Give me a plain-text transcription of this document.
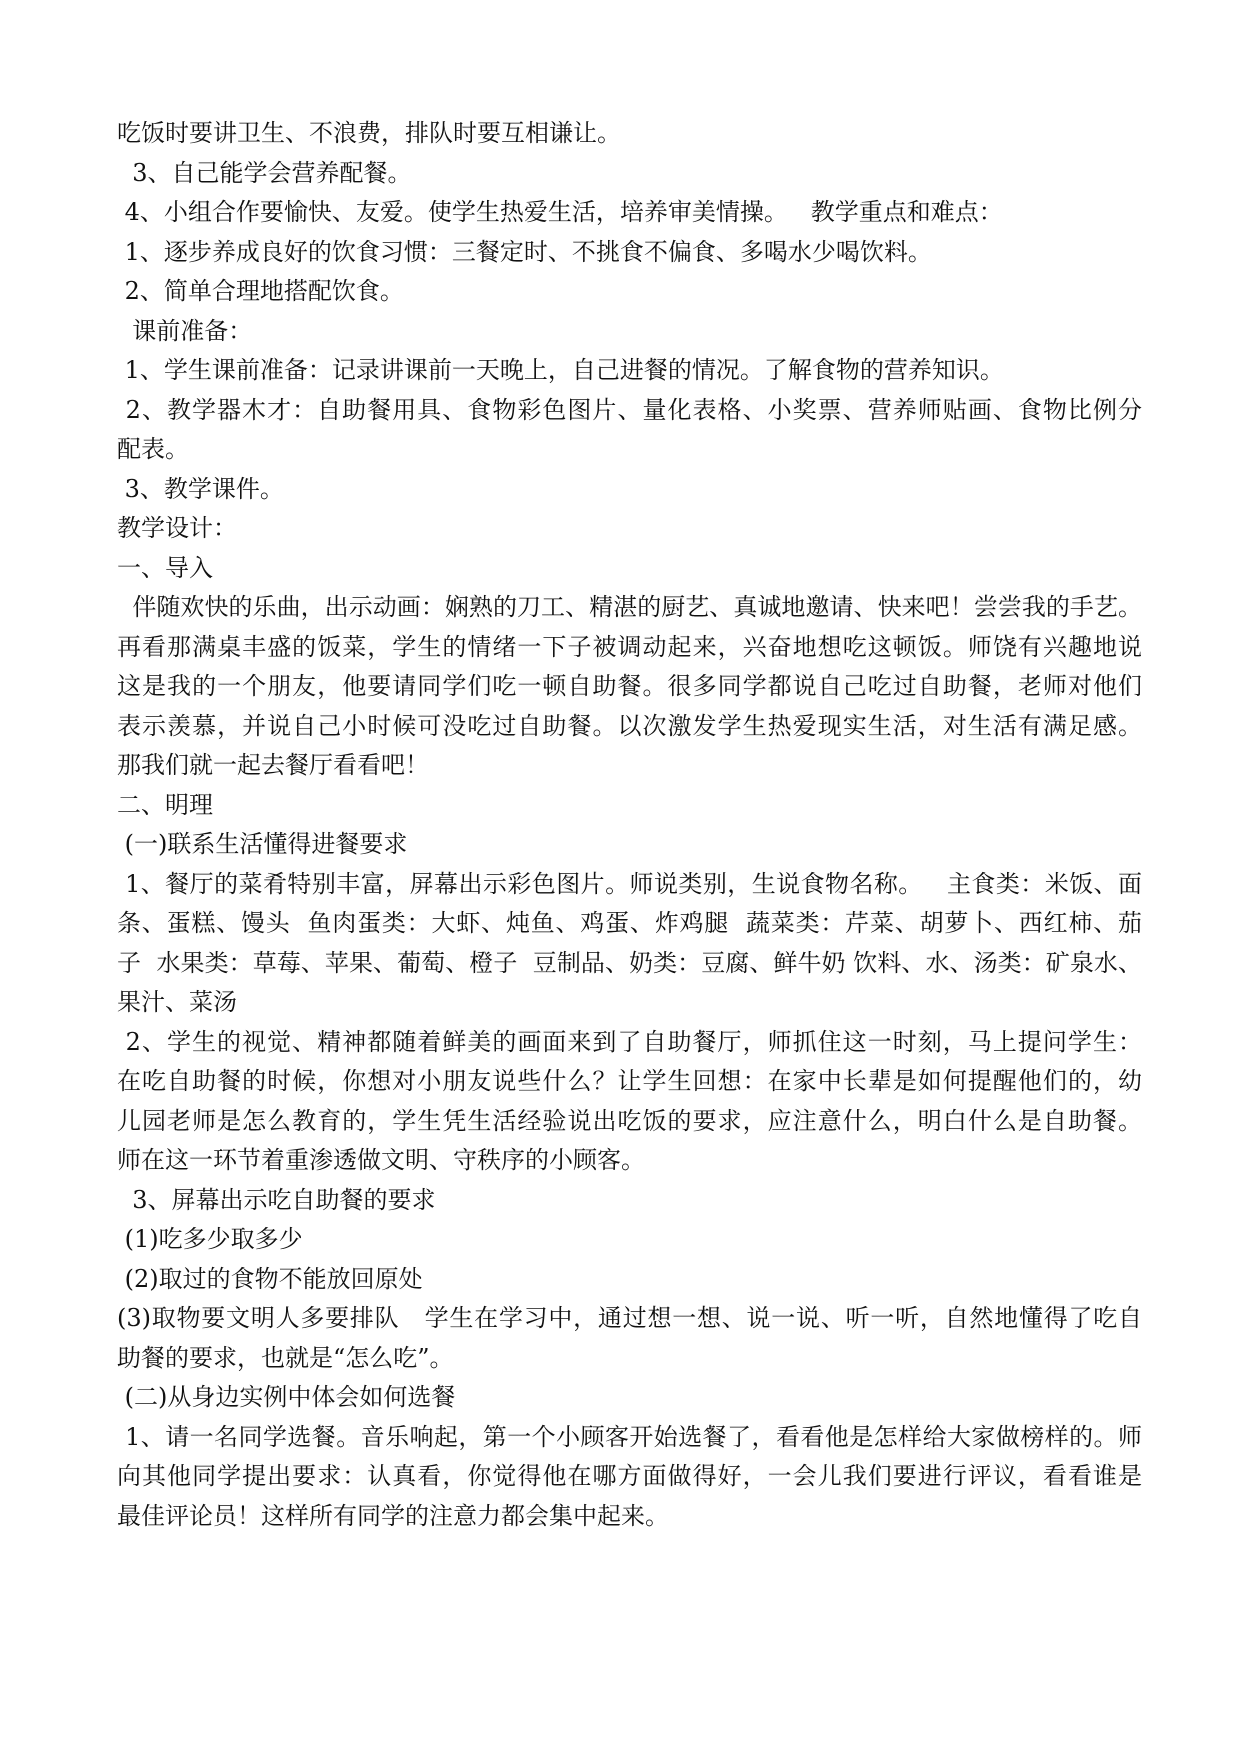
吃饭时要讲卫生、不浪费，排队时要互相谦让。

3、自己能学会营养配餐。

4、小组合作要愉快、友爱。使学生热爱生活，培养审美情操。   教学重点和难点：

1、逐步养成良好的饮食习惯：三餐定时、不挑食不偏食、多喝水少喝饮料。

2、简单合理地搭配饮食。

课前准备：

1、学生课前准备：记录讲课前一天晚上，自己进餐的情况。了解食物的营养知识。

2、教学器木才：自助餐用具、食物彩色图片、量化表格、小奖票、营养师贴画、食物比例分

配表。

3、教学课件。

教学设计：

一、导入

伴随欢快的乐曲，出示动画：娴熟的刀工、精湛的厨艺、真诚地邀请、快来吧！尝尝我的手艺。

再看那满桌丰盛的饭菜，学生的情绪一下子被调动起来，兴奋地想吃这顿饭。师饶有兴趣地说

这是我的一个朋友，他要请同学们吃一顿自助餐。很多同学都说自己吃过自助餐，老师对他们

表示羡慕，并说自己小时候可没吃过自助餐。以次激发学生热爱现实生活，对生活有满足感。

那我们就一起去餐厅看看吧！

二、明理

(一)联系生活懂得进餐要求

1、餐厅的菜肴特别丰富，屏幕出示彩色图片。师说类别，生说食物名称。   主食类：米饭、面

条、蛋糕、馒头  鱼肉蛋类：大虾、炖鱼、鸡蛋、炸鸡腿  蔬菜类：芹菜、胡萝卜、西红柿、茄

子  水果类：草莓、苹果、葡萄、橙子  豆制品、奶类：豆腐、鲜牛奶 饮料、水、汤类：矿泉水、

果汁、菜汤

2、学生的视觉、精神都随着鲜美的画面来到了自助餐厅，师抓住这一时刻，马上提问学生：

在吃自助餐的时候，你想对小朋友说些什么？让学生回想：在家中长辈是如何提醒他们的，幼

儿园老师是怎么教育的，学生凭生活经验说出吃饭的要求，应注意什么，明白什么是自助餐。

师在这一环节着重渗透做文明、守秩序的小顾客。

3、屏幕出示吃自助餐的要求

(1)吃多少取多少

(2)取过的食物不能放回原处

(3)取物要文明人多要排队   学生在学习中，通过想一想、说一说、听一听，自然地懂得了吃自

助餐的要求，也就是“怎么吃”。

(二)从身边实例中体会如何选餐

1、请一名同学选餐。音乐响起，第一个小顾客开始选餐了，看看他是怎样给大家做榜样的。师

向其他同学提出要求：认真看，你觉得他在哪方面做得好，一会儿我们要进行评议，看看谁是

最佳评论员！这样所有同学的注意力都会集中起来。
